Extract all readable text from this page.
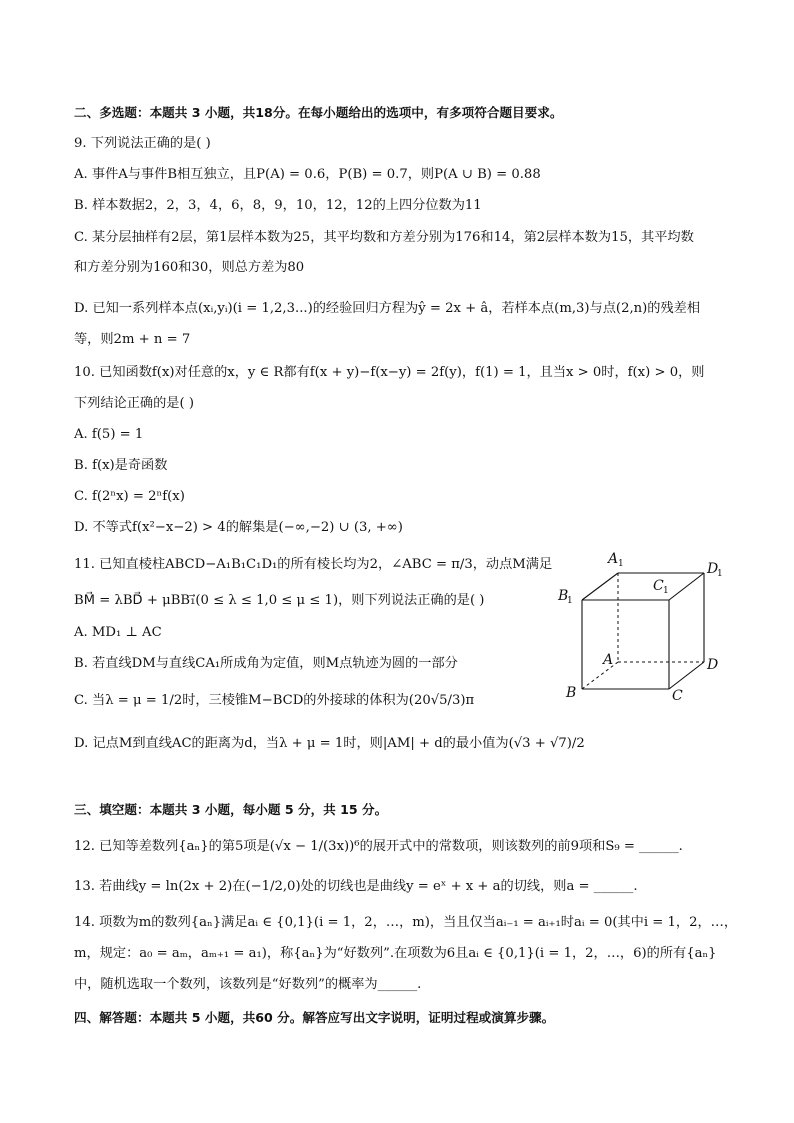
二、多选题：本题共 3 小题，共18分。在每小题给出的选项中，有多项符合题目要求。
9. 下列说法正确的是( )
A. 事件A与事件B相互独立，且P(A) = 0.6，P(B) = 0.7，则P(A ∪ B) = 0.88
B. 样本数据2，2，3，4，6，8，9，10，12，12的上四分位数为11
C. 某分层抽样有2层，第1层样本数为25，其平均数和方差分别为176和14，第2层样本数为15，其平均数
和方差分别为160和30，则总方差为80
D. 已知一系列样本点(xᵢ,yᵢ)(i = 1,2,3...)的经验回归方程为ŷ = 2x + â，若样本点(m,3)与点(2,n)的残差相
等，则2m + n = 7
10. 已知函数f(x)对任意的x，y ∈ R都有f(x + y)−f(x−y) = 2f(y)，f(1) = 1，且当x > 0时，f(x) > 0，则
下列结论正确的是( )
A. f(5) = 1
B. f(x)是奇函数
C. f(2ⁿx) = 2ⁿf(x)
D. 不等式f(x²−x−2) > 4的解集是(−∞,−2) ∪ (3, +∞)
11. 已知直棱柱ABCD−A₁B₁C₁D₁的所有棱长均为2，∠ABC = π/3，动点M满足
BM⃗ = λBD⃗ + μBB₁⃗(0 ≤ λ ≤ 1,0 ≤ μ ≤ 1)，则下列说法正确的是( )
A. MD₁ ⊥ AC
B. 若直线DM与直线CA₁所成角为定值，则M点轨迹为圆的一部分
C. 当λ = μ = 1/2时，三棱锥M−BCD的外接球的体积为(20√5/3)π
D. 记点M到直线AC的距离为d，当λ + μ = 1时，则|AM| + d的最小值为(√3 + √7)/2
A 1
B
1
C 1
D
1
A
B	C
D
三、填空题：本题共 3 小题，每小题 5 分，共 15 分。
12. 已知等差数列{aₙ}的第5项是(√x − 1/(3x))⁶的展开式中的常数项，则该数列的前9项和S₉ = ______.
13. 若曲线y = ln(2x + 2)在(−1/2,0)处的切线也是曲线y = eˣ + x + a的切线，则a = ______.
14. 项数为m的数列{aₙ}满足aᵢ ∈ {0,1}(i = 1，2，…，m)，当且仅当aᵢ₋₁ = aᵢ₊₁时aᵢ = 0(其中i = 1，2，…，
m，规定：a₀ = aₘ，aₘ₊₁ = a₁)，称{aₙ}为“好数列”.在项数为6且aᵢ ∈ {0,1}(i = 1，2，…，6)的所有{aₙ}
中，随机选取一个数列，该数列是“好数列”的概率为______.
四、解答题：本题共 5 小题，共60 分。解答应写出文字说明，证明过程或演算步骤。
